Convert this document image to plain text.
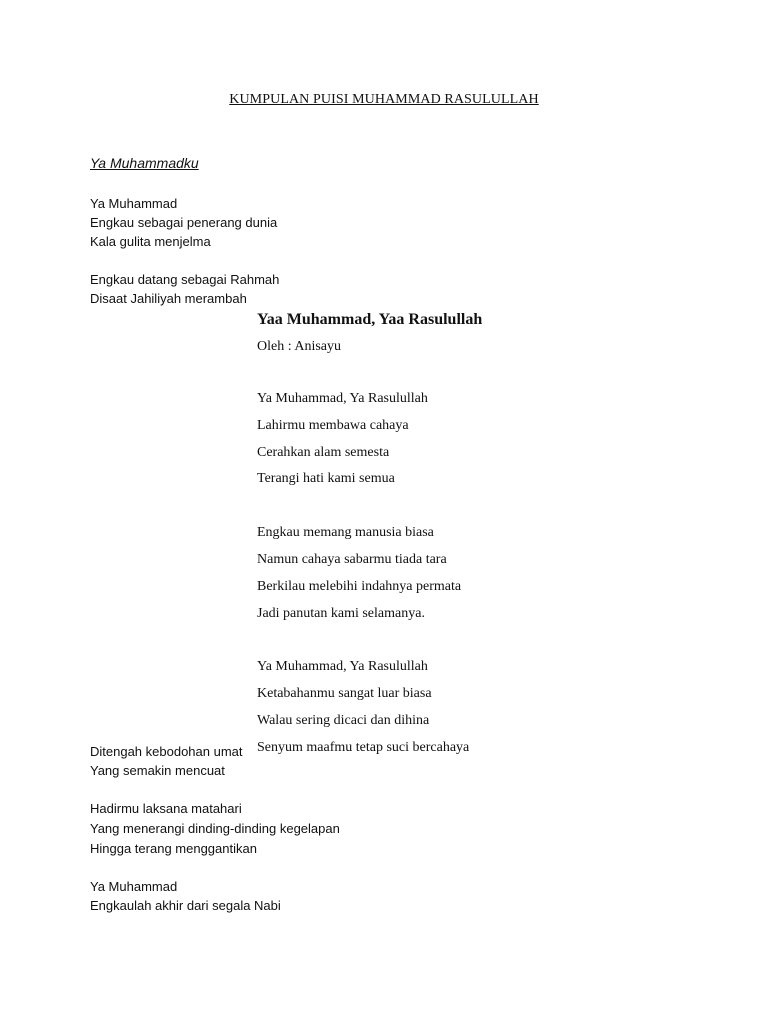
KUMPULAN PUISI MUHAMMAD RASULULLAH
Ya Muhammadku
Ya Muhammad
Engkau sebagai penerang dunia
Kala gulita menjelma
Engkau datang sebagai Rahmah
Disaat Jahiliyah merambah
Ditengah kebodohan umat
Yang semakin mencuat
Hadirmu laksana matahari
Yang menerangi dinding-dinding kegelapan
Hingga terang menggantikan
Ya Muhammad
Engkaulah akhir dari segala Nabi
Yaa Muhammad, Yaa Rasulullah
Oleh : Anisayu
Ya Muhammad, Ya Rasulullah
Lahirmu membawa cahaya
Cerahkan alam semesta
Terangi hati kami semua
Engkau memang manusia biasa
Namun cahaya sabarmu tiada tara
Berkilau melebihi indahnya permata
Jadi panutan kami selamanya.
Ya Muhammad, Ya Rasulullah
Ketabahanmu sangat luar biasa
Walau sering dicaci dan dihina
Senyum maafmu tetap suci bercahaya
